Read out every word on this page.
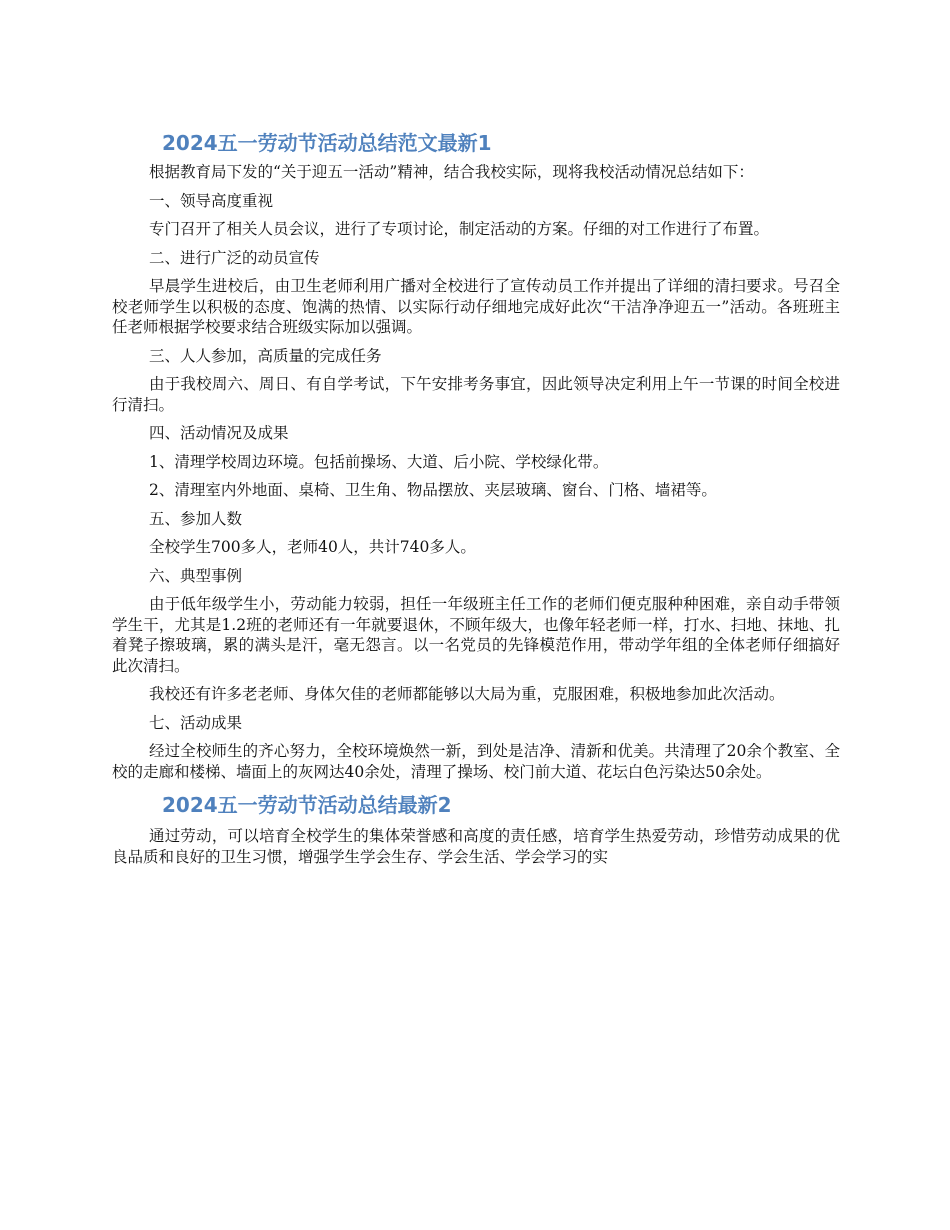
2024五一劳动节活动总结范文最新1

根据教育局下发的“关于迎五一活动”精神，结合我校实际，现将我校活动情况总结如下：

一、领导高度重视

专门召开了相关人员会议，进行了专项讨论，制定活动的方案。仔细的对工作进行了布置。

二、进行广泛的动员宣传

早晨学生进校后，由卫生老师利用广播对全校进行了宣传动员工作并提出了详细的清扫要求。号召全校老师学生以积极的态度、饱满的热情、以实际行动仔细地完成好此次“干洁净净迎五一”活动。各班班主任老师根据学校要求结合班级实际加以强调。

三、人人参加，高质量的完成任务

由于我校周六、周日、有自学考试，下午安排考务事宜，因此领导决定利用上午一节课的时间全校进行清扫。

四、活动情况及成果

1、清理学校周边环境。包括前操场、大道、后小院、学校绿化带。

2、清理室内外地面、桌椅、卫生角、物品摆放、夹层玻璃、窗台、门格、墙裙等。

五、参加人数

全校学生700多人，老师40人，共计740多人。

六、典型事例

由于低年级学生小，劳动能力较弱，担任一年级班主任工作的老师们便克服种种困难，亲自动手带领学生干，尤其是1.2班的老师还有一年就要退休，不顾年级大，也像年轻老师一样，打水、扫地、抹地、扎着凳子擦玻璃，累的满头是汗，毫无怨言。以一名党员的先锋模范作用，带动学年组的全体老师仔细搞好此次清扫。

我校还有许多老老师、身体欠佳的老师都能够以大局为重，克服困难，积极地参加此次活动。

七、活动成果

经过全校师生的齐心努力，全校环境焕然一新，到处是洁净、清新和优美。共清理了20余个教室、全校的走廊和楼梯、墙面上的灰网达40余处，清理了操场、校门前大道、花坛白色污染达50余处。

2024五一劳动节活动总结最新2

通过劳动，可以培育全校学生的集体荣誉感和高度的责任感，培育学生热爱劳动，珍惜劳动成果的优良品质和良好的卫生习惯，增强学生学会生存、学会生活、学会学习的实
